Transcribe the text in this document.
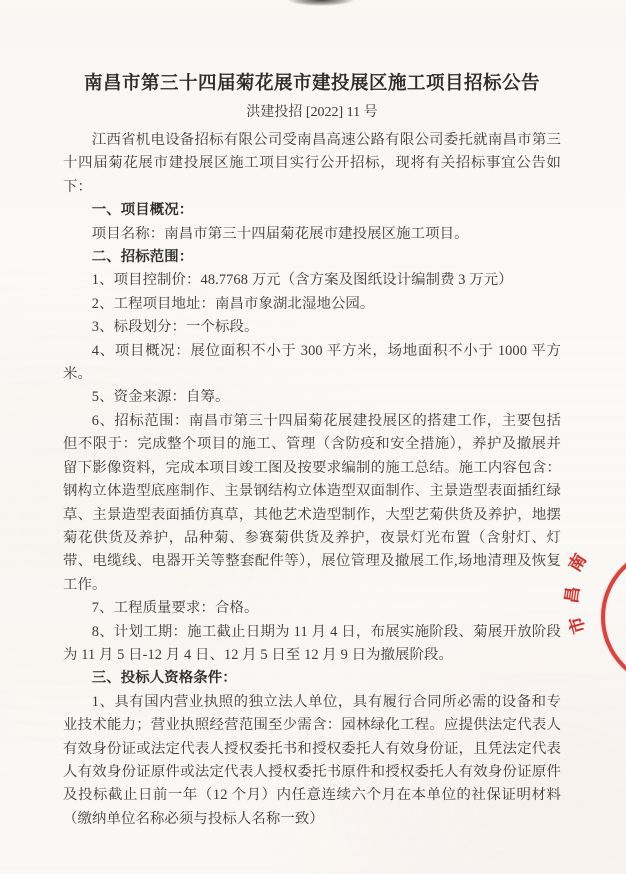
南昌市第三十四届菊花展市建投展区施工项目招标公告
洪建投招 [2022] 11 号

江西省机电设备招标有限公司受南昌高速公路有限公司委托就南昌市第三十四届菊花展市建投展区施工项目实行公开招标，现将有关招标事宜公告如下：

一、项目概况：

项目名称：南昌市第三十四届菊花展市建投展区施工项目。

二、招标范围：

1、项目控制价：48.7768 万元（含方案及图纸设计编制费 3 万元）

2、工程项目地址：南昌市象湖北湿地公园。

3、标段划分：一个标段。

4、项目概况：展位面积不小于 300 平方米，场地面积不小于 1000 平方米。

5、资金来源：自筹。

6、招标范围：南昌市第三十四届菊花展建投展区的搭建工作，主要包括但不限于：完成整个项目的施工、管理（含防疫和安全措施），养护及撤展并留下影像资料，完成本项目竣工图及按要求编制的施工总结。施工内容包含：钢构立体造型底座制作、主景钢结构立体造型双面制作、主景造型表面插红绿草、主景造型表面插仿真草，其他艺术造型制作，大型艺菊供货及养护，地摆菊花供货及养护，品种菊、参赛菊供货及养护，夜景灯光布置（含射灯、灯带、电缆线、电器开关等整套配件等），展位管理及撤展工作,场地清理及恢复工作。

7、工程质量要求：合格。

8、计划工期：施工截止日期为 11 月 4 日，布展实施阶段、菊展开放阶段为 11 月 5 日-12 月 4 日、12 月 5 日至 12 月 9 日为撤展阶段。

三、投标人资格条件：

1、具有国内营业执照的独立法人单位，具有履行合同所必需的设备和专业技术能力；营业执照经营范围至少需含：园林绿化工程。应提供法定代表人有效身份证或法定代表人授权委托书和授权委托人有效身份证，且凭法定代表人有效身份证原件或法定代表人授权委托书原件和授权委托人有效身份证原件及投标截止日前一年（12 个月）内任意连续六个月在本单位的社保证明材料（缴纳单位名称必须与投标人名称一致）

南
昌
市
